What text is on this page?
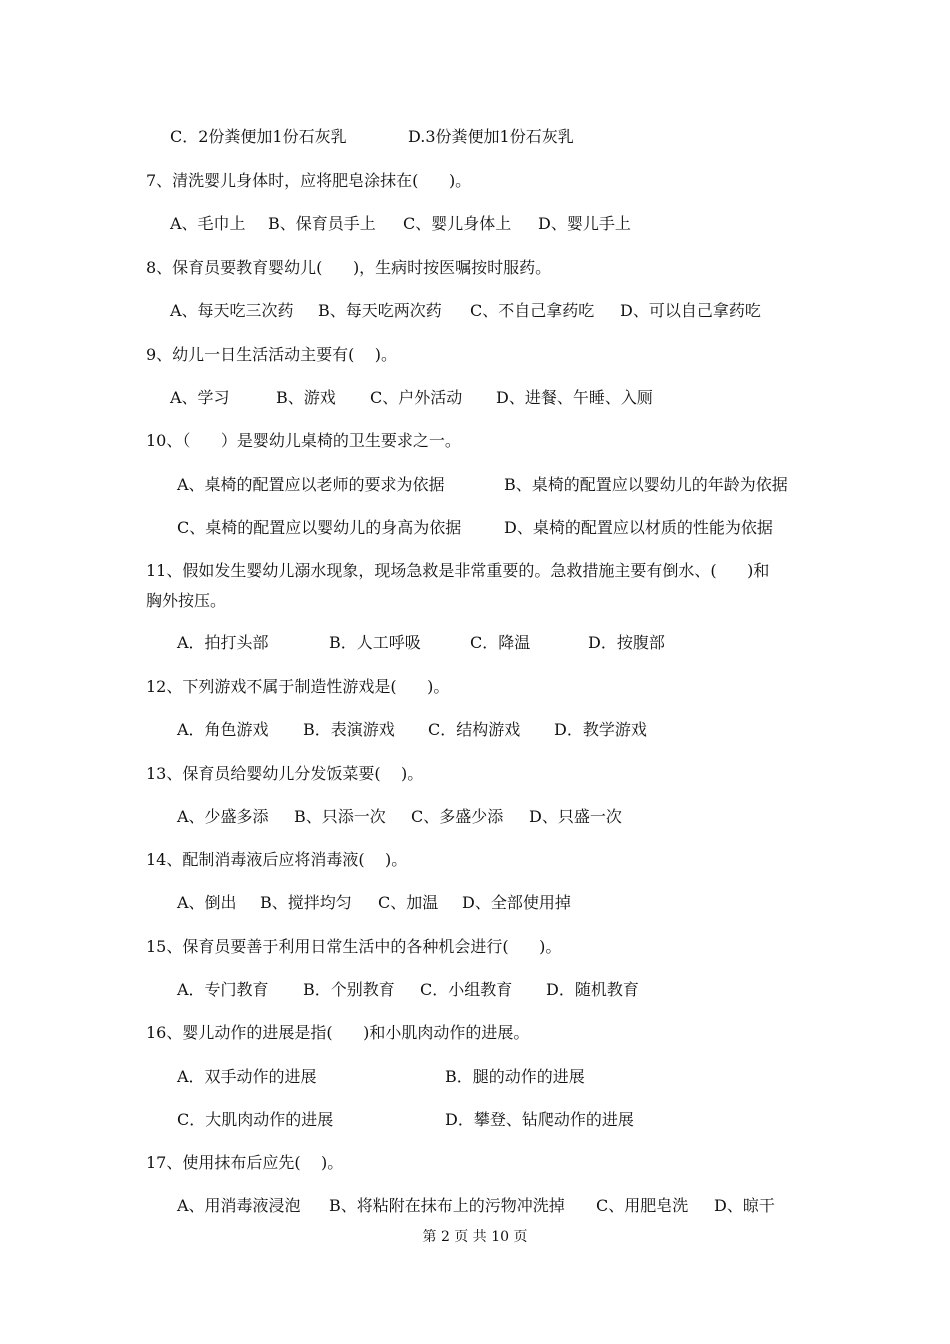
C．2份粪便加1份石灰乳	D.3份粪便加1份石灰乳
7、清洗婴儿身体时，应将肥皂涂抹在(      )。
A、毛巾上 B、保育员手上 C、婴儿身体上 D、婴儿手上
8、保育员要教育婴幼儿(      )，生病时按医嘱按时服药。
A、每天吃三次药 B、每天吃两次药 C、不自己拿药吃 D、可以自己拿药吃
9、幼儿一日生活活动主要有(    )。
A、学习	B、游戏 C、户外活动 D、进餐、午睡、入厕
10、（      ）是婴幼儿桌椅的卫生要求之一。
A、桌椅的配置应以老师的要求为依据	B、桌椅的配置应以婴幼儿的年龄为依据
C、桌椅的配置应以婴幼儿的身高为依据	D、桌椅的配置应以材质的性能为依据
11、假如发生婴幼儿溺水现象，现场急救是非常重要的。急救措施主要有倒水、(      )和
胸外按压。
A．拍打头部	B．人工呼吸	C．降温	D．按腹部
12、下列游戏不属于制造性游戏是(      )。
A．角色游戏 B．表演游戏 C．结构游戏 D．教学游戏
13、保育员给婴幼儿分发饭菜要(    )。
A、少盛多添 B、只添一次 C、多盛少添 D、只盛一次
14、配制消毒液后应将消毒液(    )。
A、倒出 B、搅拌均匀 C、加温 D、全部使用掉
15、保育员要善于利用日常生活中的各种机会进行(      )。
A．专门教育 B．个别教育 C．小组教育 D．随机教育
16、婴儿动作的进展是指(      )和小肌肉动作的进展。
A．双手动作的进展	B．腿的动作的进展
C．大肌肉动作的进展	D．攀登、钻爬动作的进展
17、使用抹布后应先(    )。
A、用消毒液浸泡 B、将粘附在抹布上的污物冲洗掉 C、用肥皂洗 D、晾干
第 2 页 共 10 页
